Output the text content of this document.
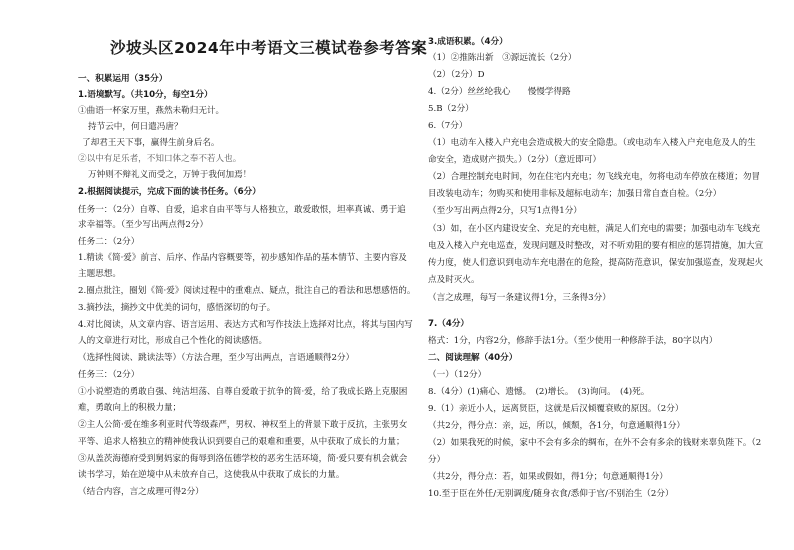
沙坡头区2024年中考语文三模试卷参考答案
一、积累运用（35分）
1.语境默写。（共10分，每空1分）
①曲语一杯家万里，燕然未勒归无计。
持节云中，何日遣冯唐？
了却君王天下事，赢得生前身后名。
②以中有足乐者，不知口体之奉不若人也。
万钟则不辩礼义而受之，万钟于我何加焉！
2.根据阅读提示，完成下面的读书任务。（6分）
任务一：（2分）自尊、自爱，追求自由平等与人格独立，敢爱敢恨，坦率真诚、勇于追
求幸福等。（至少写出两点得2分）
任务二：（2分）
1.精读《简·爱》前言、后序、作品内容概要等，初步感知作品的基本情节、主要内容及
主题思想。
2.圈点批注，圈划《简·爱》阅读过程中的重难点、疑点，批注自己的看法和思想感悟的。
3.摘抄法，摘抄文中优美的词句，感悟深切的句子。
4.对比阅读，从文章内容、语言运用、表达方式和写作技法上选择对比点，将其与国内写
人的文章进行对比，形成自己个性化的阅读感悟。
（选择性阅读、跳读法等）（方法合理，至少写出两点，言语通顺得2分）
任务三：（2分）
①小说塑造的勇敢自强、纯洁坦荡、自尊自爱敢于抗争的简·爱，给了我成长路上克服困
难，勇敢向上的积极力量；
②主人公简·爱在维多利亚时代等级森严，男权、神权至上的背景下敢于反抗，主张男女
平等、追求人格独立的精神使我认识到要自己的艰难和重要，从中获取了成长的力量；
③从盖茨海德府受到舅妈家的侮辱到洛伍德学校的恶劣生活环境，简·爱只要有机会就会
读书学习，始在逆境中从未放弃自己，这使我从中获取了成长的力量。
（结合内容，言之成理可得2分）
3.成语积累。（4分）
（1）②推陈出新　③源远流长（2分）
（2）（2分）D
4.（2分）丝丝纶我心　　慢慢学得路
5.B（2分）
6.（7分）
（1）电动车入楼入户充电会造成极大的安全隐患。（或电动车入楼入户充电危及人的生
命安全，造成财产损失。）（2分）（意近即可）
（2）合理控制充电时间，勿在住宅内充电；勿飞线充电，勿将电动车停放在楼道；勿冒
目改装电动车；勿购买和使用非标及超标电动车；加强日常自查自检。（2分）
（至少写出两点得2分，只写1点得1分）
（3）如，在小区内建设安全、充足的充电桩，满足人们充电的需要；加强电动车飞线充
电及入楼入户充电巡查，发现问题及时整改，对不听劝阻的要有相应的惩罚措施，加大宣
传力度，使人们意识到电动车充电潜在的危险，提高防范意识，保安加强巡查，发现起火
点及时灭火。
（言之成理，每写一条建议得1分，三条得3分）
7.（4分）
格式：1分，内容2分，修辞手法1分。（至少使用一种修辞手法，80字以内）
二、阅读理解（40分）
（一）（12分）
8.（4分）(1)痛心、遗憾。　(2)增长。　(3)询问。　(4)死。
9.（1）亲近小人，远离贤臣，这就是后汉倾覆衰败的原因。（2分）
（共2分，得分点：亲，远，所以，倾颓，各1分，句意通顺得1分）
（2）如果我死的时候，家中不会有多余的绸布，在外不会有多余的钱财来辜负陛下。（2
分）
（共2分，得分点：若，如果或假如，得1分；句意通顺得1分）
10.至于臣在外任/无别调度/随身衣食/悉仰于官/不别治生（2分）
